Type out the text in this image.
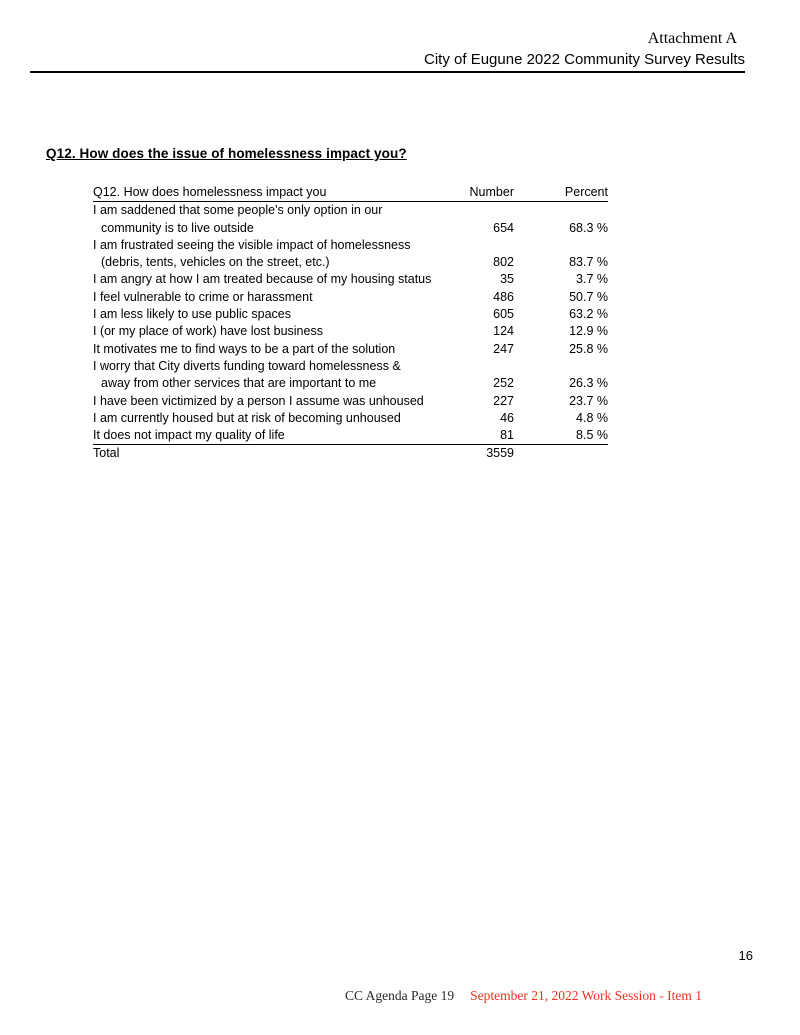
Attachment A
City of Eugune 2022 Community Survey Results
Q12. How does the issue of homelessness impact you?
Q12. How does homelessness impact you	Number	Percent
I am saddened that some people's only option in our
community is to live outside	654	68.3 %
I am frustrated seeing the visible impact of homelessness
(debris, tents, vehicles on the street, etc.)	802	83.7 %
I am angry at how I am treated because of my housing status	35	3.7 %
I feel vulnerable to crime or harassment	486	50.7 %
I am less likely to use public spaces	605	63.2 %
I (or my place of work) have lost business	124	12.9 %
It motivates me to find ways to be a part of the solution	247	25.8 %
I worry that City diverts funding toward homelessness &
away from other services that are important to me	252	26.3 %
I have been victimized by a person I assume was unhoused	227	23.7 %
I am currently housed but at risk of becoming unhoused	46	4.8 %
It does not impact my quality of life	81	8.5 %
Total	3559
16
CC Agenda Page 19 September 21, 2022 Work Session - Item 1
